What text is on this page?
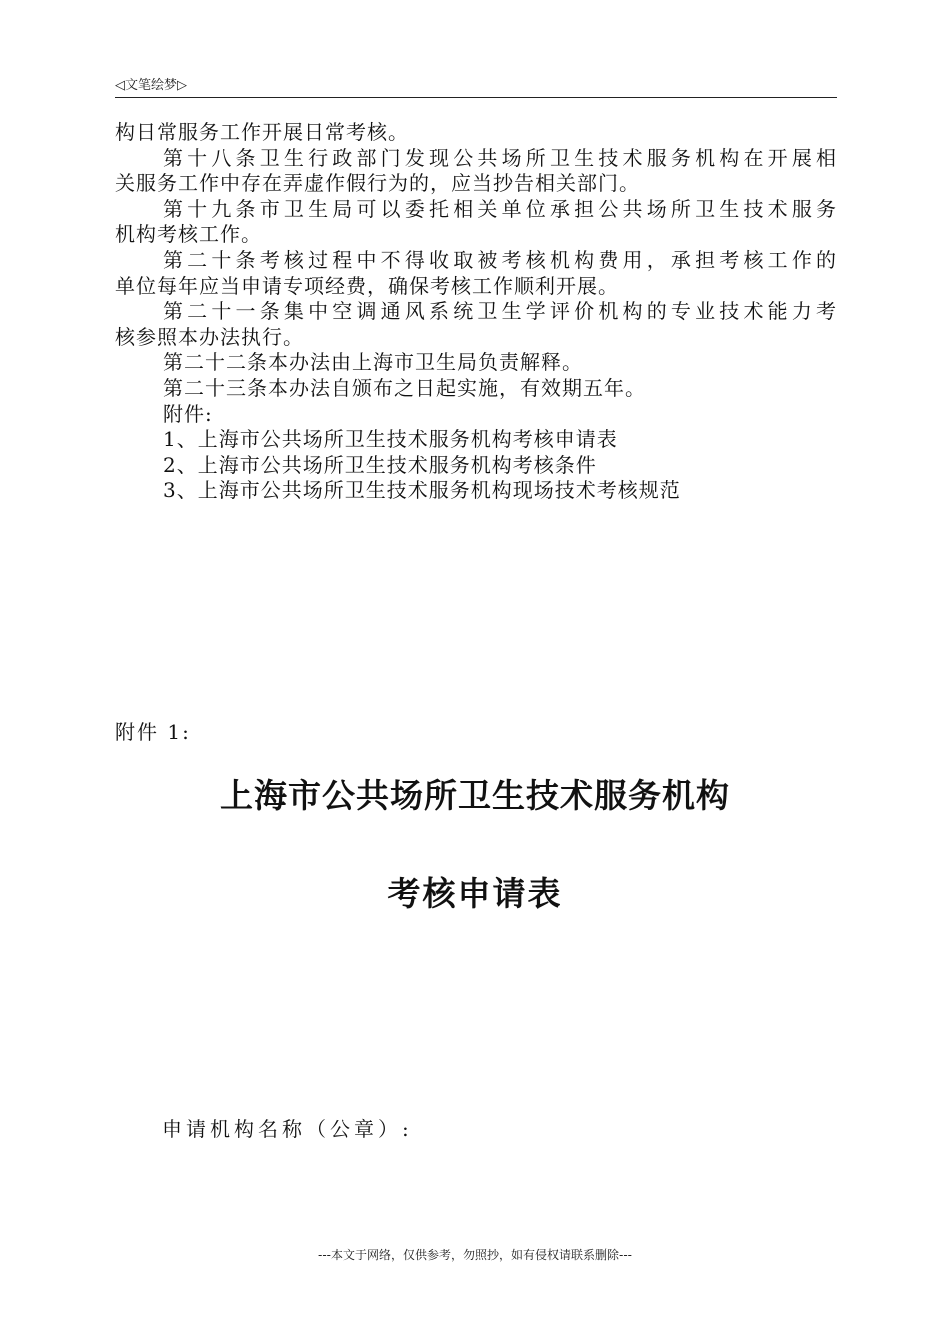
◁文笔绘梦▷
构日常服务工作开展日常考核。
第十八条卫生行政部门发现公共场所卫生技术服务机构在开展相
关服务工作中存在弄虚作假行为的，应当抄告相关部门。
第十九条市卫生局可以委托相关单位承担公共场所卫生技术服务
机构考核工作。
第二十条考核过程中不得收取被考核机构费用，承担考核工作的
单位每年应当申请专项经费，确保考核工作顺利开展。
第二十一条集中空调通风系统卫生学评价机构的专业技术能力考
核参照本办法执行。
第二十二条本办法由上海市卫生局负责解释。
第二十三条本办法自颁布之日起实施，有效期五年。
附件:
1、上海市公共场所卫生技术服务机构考核申请表
2、上海市公共场所卫生技术服务机构考核条件
3、上海市公共场所卫生技术服务机构现场技术考核规范
附件 1:
上海市公共场所卫生技术服务机构
考核申请表
申请机构名称（公章）:
---本文于网络，仅供参考，勿照抄，如有侵权请联系删除---
